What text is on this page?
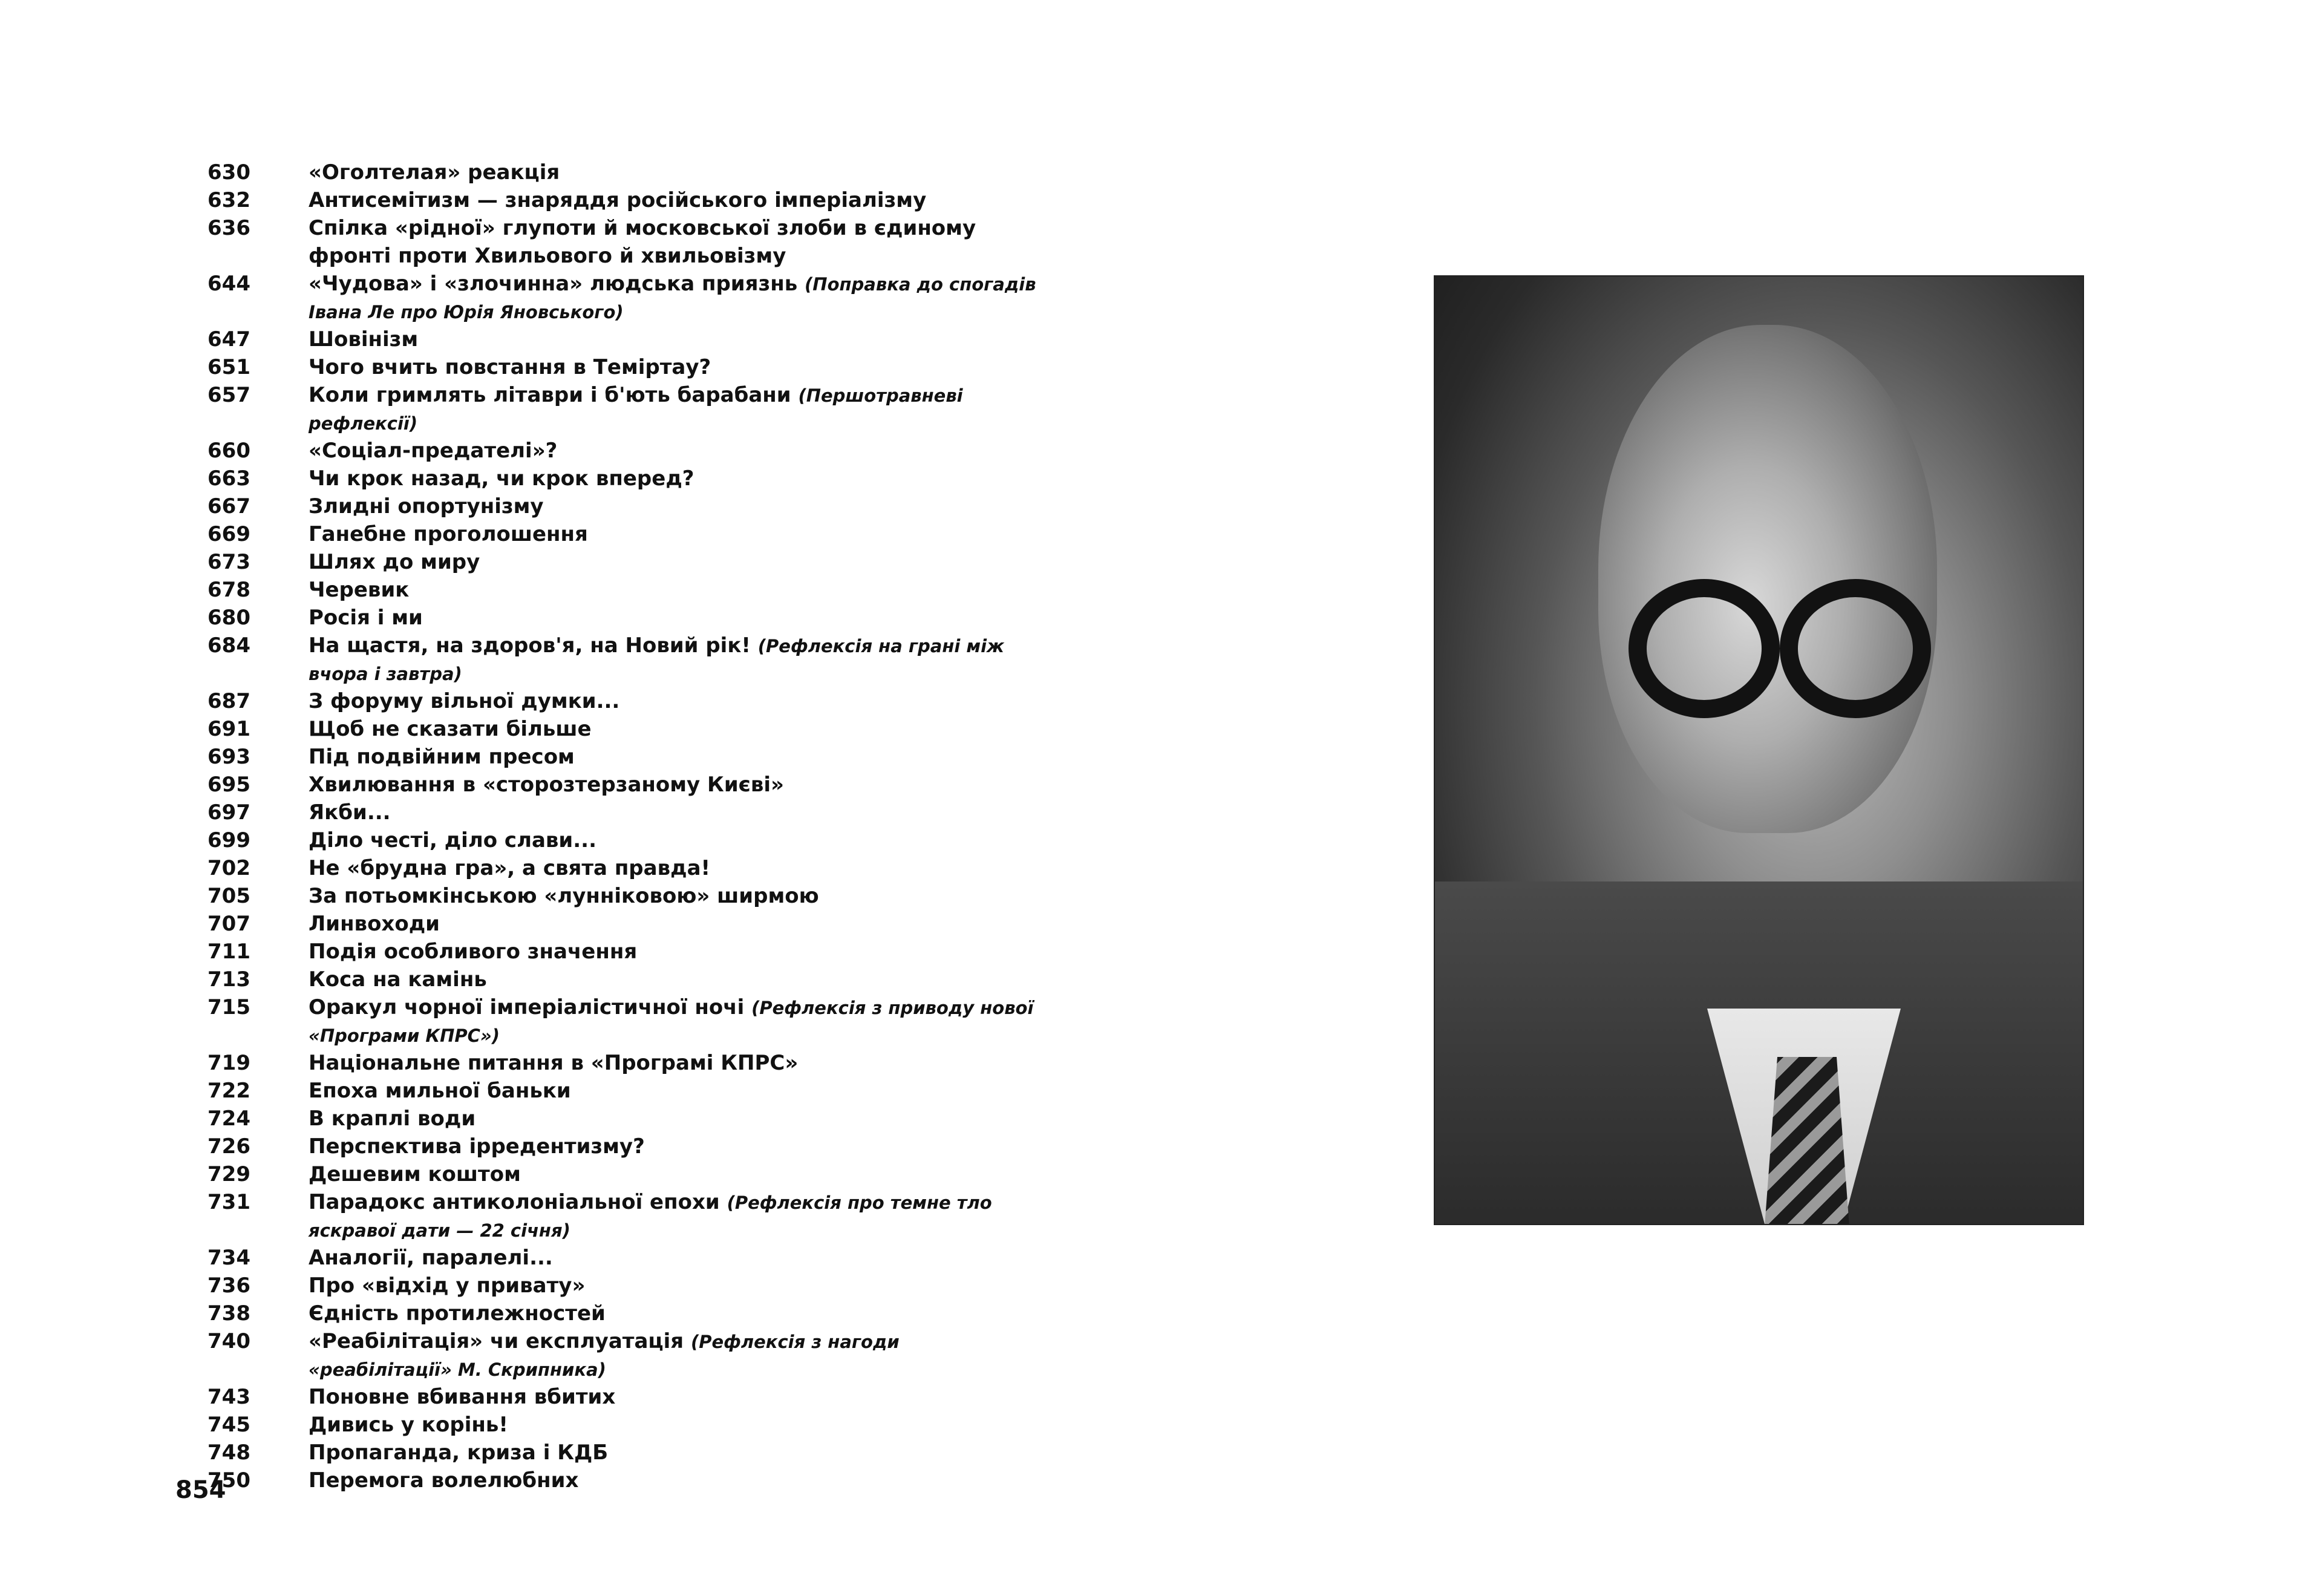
630	«Оголтелая» реакція
632	Антисемітизм — знаряддя російського імперіалізму
636	Спілка «рідної» глупоти й московської злоби в єдиному фронті проти Хвильового й хвильовізму
644	«Чудова» і «злочинна» людська приязнь (Поправка до спогадів Івана Ле про Юрія Яновського)
647	Шовінізм
651	Чого вчить повстання в Теміртау?
657	Коли гримлять літаври і б'ють барабани (Першотравневі рефлексії)
660	«Соціал-предателі»?
663	Чи крок назад, чи крок вперед?
667	Злидні опортунізму
669	Ганебне проголошення
673	Шлях до миру
678	Черевик
680	Росія і ми
684	На щастя, на здоров'я, на Новий рік! (Рефлексія на грані між вчора і завтра)
687	З форуму вільної думки...
691	Щоб не сказати більше
693	Під подвійним пресом
695	Хвилювання в «сторозтерзаному Києві»
697	Якби...
699	Діло честі, діло слави...
702	Не «брудна гра», а свята правда!
705	За потьомкінською «лунніковою» ширмою
707	Линвоходи
711	Подія особливого значення
713	Коса на камінь
715	Оракул чорної імперіалістичної ночі (Рефлексія з приводу нової «Програми КПРС»)
719	Національне питання в «Програмі КПРС»
722	Епоха мильної баньки
724	В краплі води
726	Перспектива ірредентизму?
729	Дешевим коштом
731	Парадокс антиколоніальної епохи (Рефлексія про темне тло яскравої дати — 22 січня)
734	Аналогії, паралелі...
736	Про «відхід у привату»
738	Єдність протилежностей
740	«Реабілітація» чи експлуатація (Рефлексія з нагоди «реабілітації» М. Скрипника)
743	Поновне вбивання вбитих
745	Дивись у корінь!
748	Пропаганда, криза і КДБ
750	Перемога волелюбних
854
